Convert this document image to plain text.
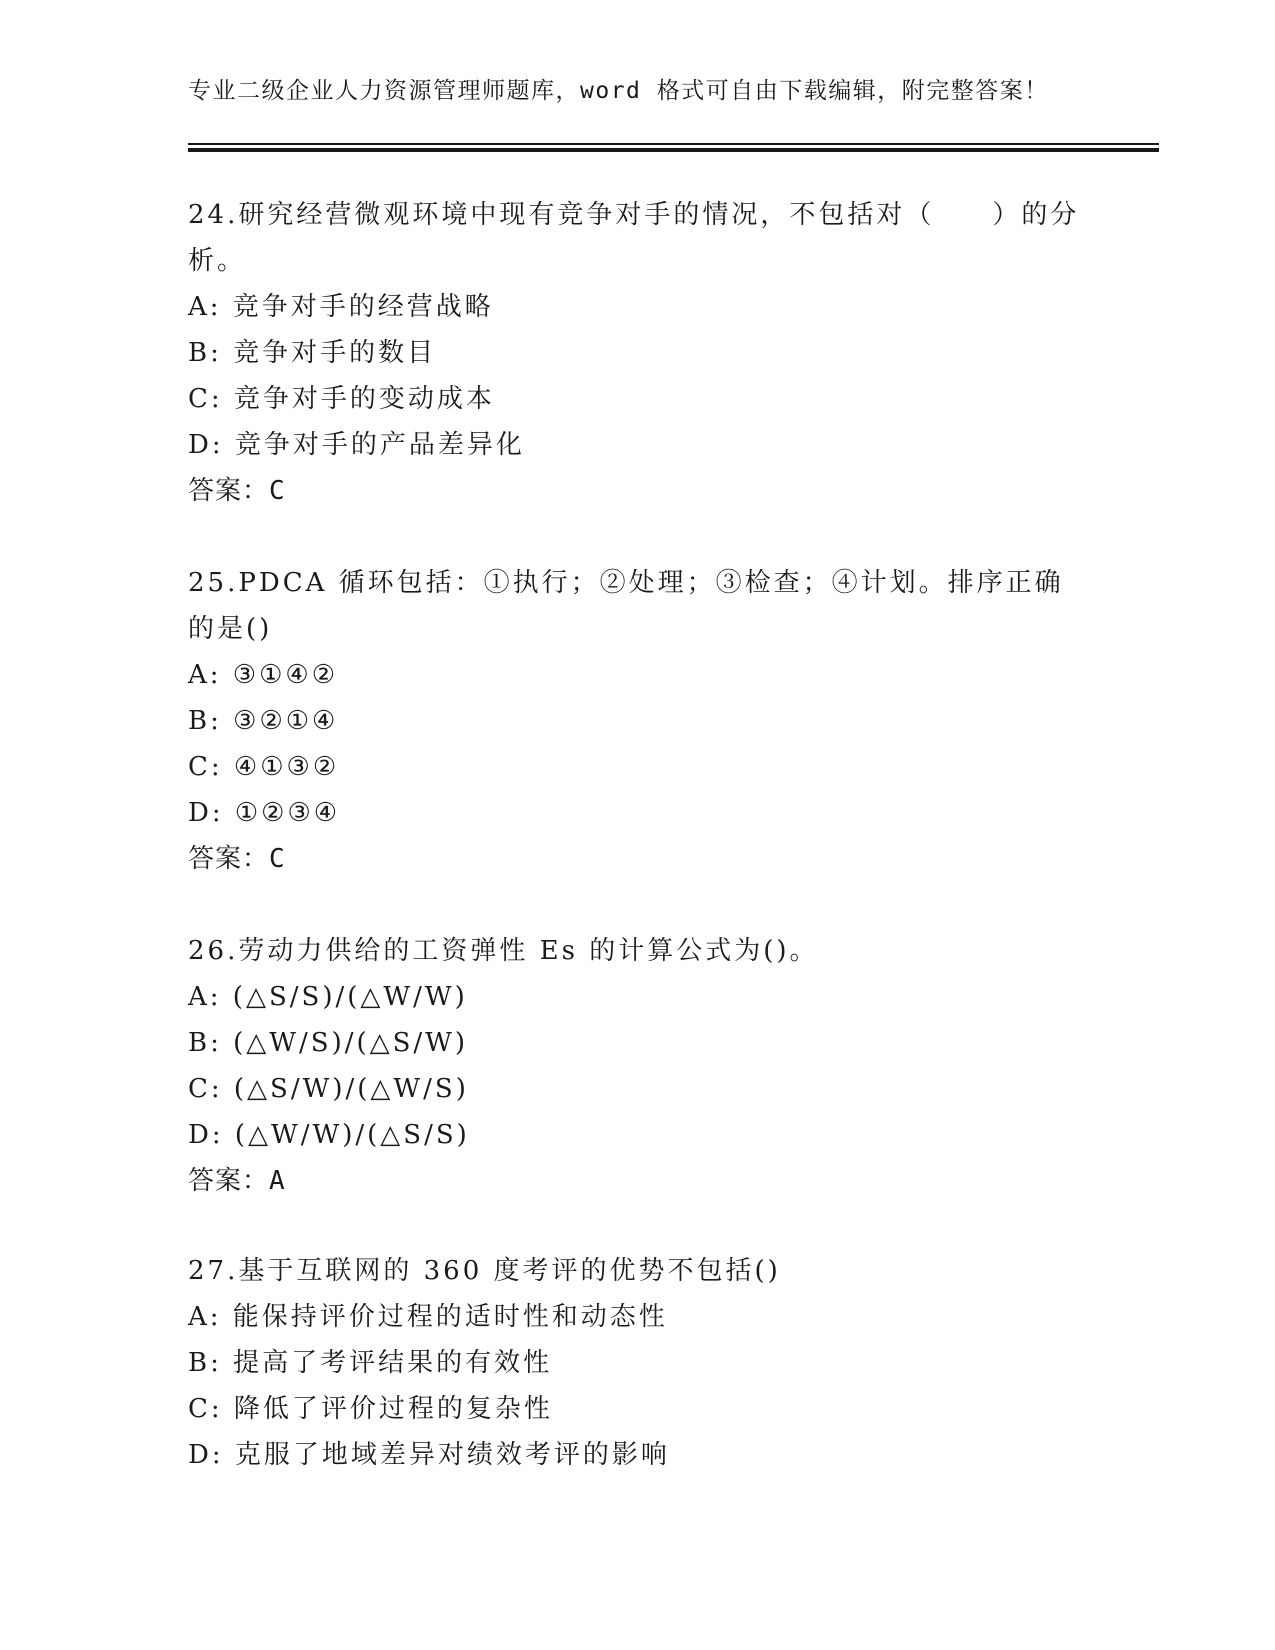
专业二级企业人力资源管理师题库，word 格式可自由下载编辑，附完整答案！

24.研究经营微观环境中现有竞争对手的情况，不包括对（　　）的分析。

A: 竞争对手的经营战略
B: 竞争对手的数目
C: 竞争对手的变动成本
D: 竞争对手的产品差异化
答案：C

25.PDCA 循环包括：①执行；②处理；③检查；④计划。排序正确的是()

A: ③①④②
B: ③②①④
C: ④①③②
D: ①②③④
答案：C

26.劳动力供给的工资弹性 Es 的计算公式为()。

A: (△S/S)/(△W/W)
B: (△W/S)/(△S/W)
C: (△S/W)/(△W/S)
D: (△W/W)/(△S/S)
答案：A

27.基于互联网的 360 度考评的优势不包括()

A: 能保持评价过程的适时性和动态性
B: 提高了考评结果的有效性
C: 降低了评价过程的复杂性
D: 克服了地域差异对绩效考评的影响
